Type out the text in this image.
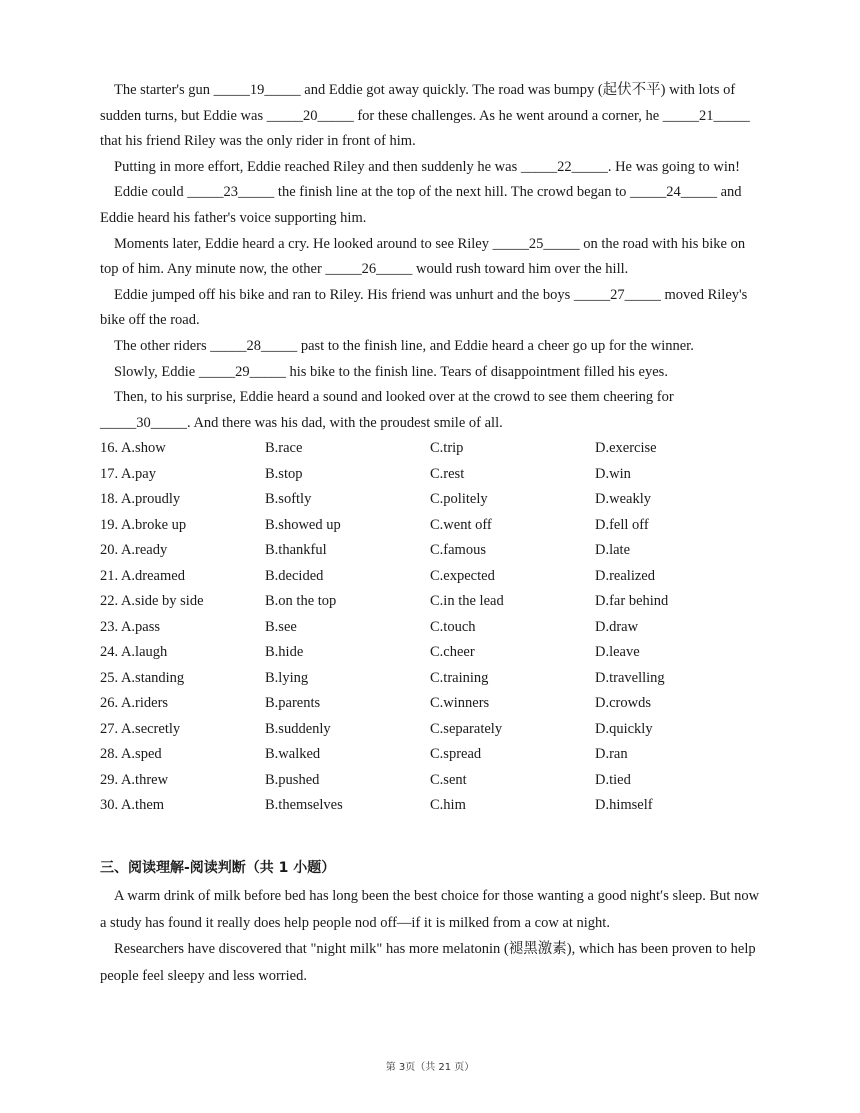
The starter's gun _____19_____ and Eddie got away quickly. The road was bumpy (起伏不平) with lots of sudden turns, but Eddie was _____20_____ for these challenges. As he went around a corner, he _____21_____ that his friend Riley was the only rider in front of him.

Putting in more effort, Eddie reached Riley and then suddenly he was _____22_____. He was going to win!

Eddie could _____23_____ the finish line at the top of the next hill. The crowd began to _____24_____ and Eddie heard his father's voice supporting him.

Moments later, Eddie heard a cry. He looked around to see Riley _____25_____ on the road with his bike on top of him. Any minute now, the other _____26_____ would rush toward him over the hill.

Eddie jumped off his bike and ran to Riley. His friend was unhurt and the boys _____27_____ moved Riley's bike off the road.

The other riders _____28_____ past to the finish line, and Eddie heard a cheer go up for the winner.

Slowly, Eddie _____29_____ his bike to the finish line. Tears of disappointment filled his eyes.

Then, to his surprise, Eddie heard a sound and looked over at the crowd to see them cheering for _____30_____. And there was his dad, with the proudest smile of all.

16. A.show	B.race	C.trip	D.exercise
17. A.pay	B.stop	C.rest	D.win
18. A.proudly	B.softly	C.politely	D.weakly
19. A.broke up	B.showed up	C.went off	D.fell off
20. A.ready	B.thankful	C.famous	D.late
21. A.dreamed	B.decided	C.expected	D.realized
22. A.side by side	B.on the top	C.in the lead	D.far behind
23. A.pass	B.see	C.touch	D.draw
24. A.laugh	B.hide	C.cheer	D.leave
25. A.standing	B.lying	C.training	D.travelling
26. A.riders	B.parents	C.winners	D.crowds
27. A.secretly	B.suddenly	C.separately	D.quickly
28. A.sped	B.walked	C.spread	D.ran
29. A.threw	B.pushed	C.sent	D.tied
30. A.them	B.themselves	C.him	D.himself
三、阅读理解-阅读判断（共 1 小题）

A warm drink of milk before bed has long been the best choice for those wanting a good night′s sleep. But now a study has found it really does help people nod off—if it is milked from a cow at night.

Researchers have discovered that "night milk" has more melatonin (褪黑激素), which has been proven to help people feel sleepy and less worried.

第 3页（共 21 页）
